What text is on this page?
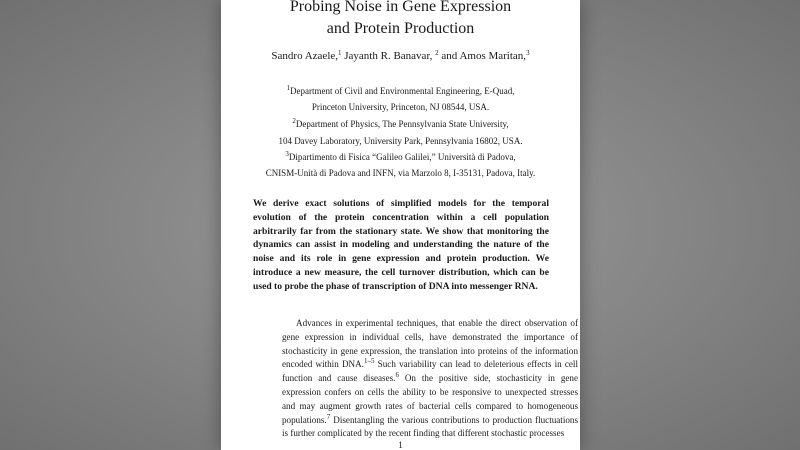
Probing Noise in Gene Expression
and Protein Production
Sandro Azaele,$^1$ Jayanth R. Banavar, $^2$ and Amos Maritan,$^3$
$^1$Department of Civil and Environmental Engineering, E-Quad,
Princeton University, Princeton, NJ 08544, USA.
$^2$Department of Physics, The Pennsylvania State University,
104 Davey Laboratory, University Park, Pennsylvania 16802, USA.
$^3$Dipartimento di Fisica “Galileo Galilei,” Università di Padova,
CNISM-Unità di Padova and INFN, via Marzolo 8, I-35131, Padova, Italy.
We derive exact solutions of simplified models for the temporal evolution of the protein concentration within a cell population arbitrarily far from the stationary state. We show that monitoring the dynamics can assist in modeling and understanding the nature of the noise and its role in gene expression and protein production. We introduce a new measure, the cell turnover distribution, which can be used to probe the phase of transcription of DNA into messenger RNA.
1

Advances in experimental techniques, that enable the direct observation of gene expression in individual cells, have demonstrated the importance of stochasticity in gene expression, the translation into proteins of the information encoded within DNA.$^{1-5}$ Such variability can lead to deleterious effects in cell function and cause diseases.$^6$ On the positive side, stochasticity in gene expression confers on cells the ability to be responsive to unexpected stresses and may augment growth rates of bacterial cells compared to homogeneous populations.$^7$ Disentangling the various contributions to production fluctuations is further complicated by the recent finding that different stochastic processes
